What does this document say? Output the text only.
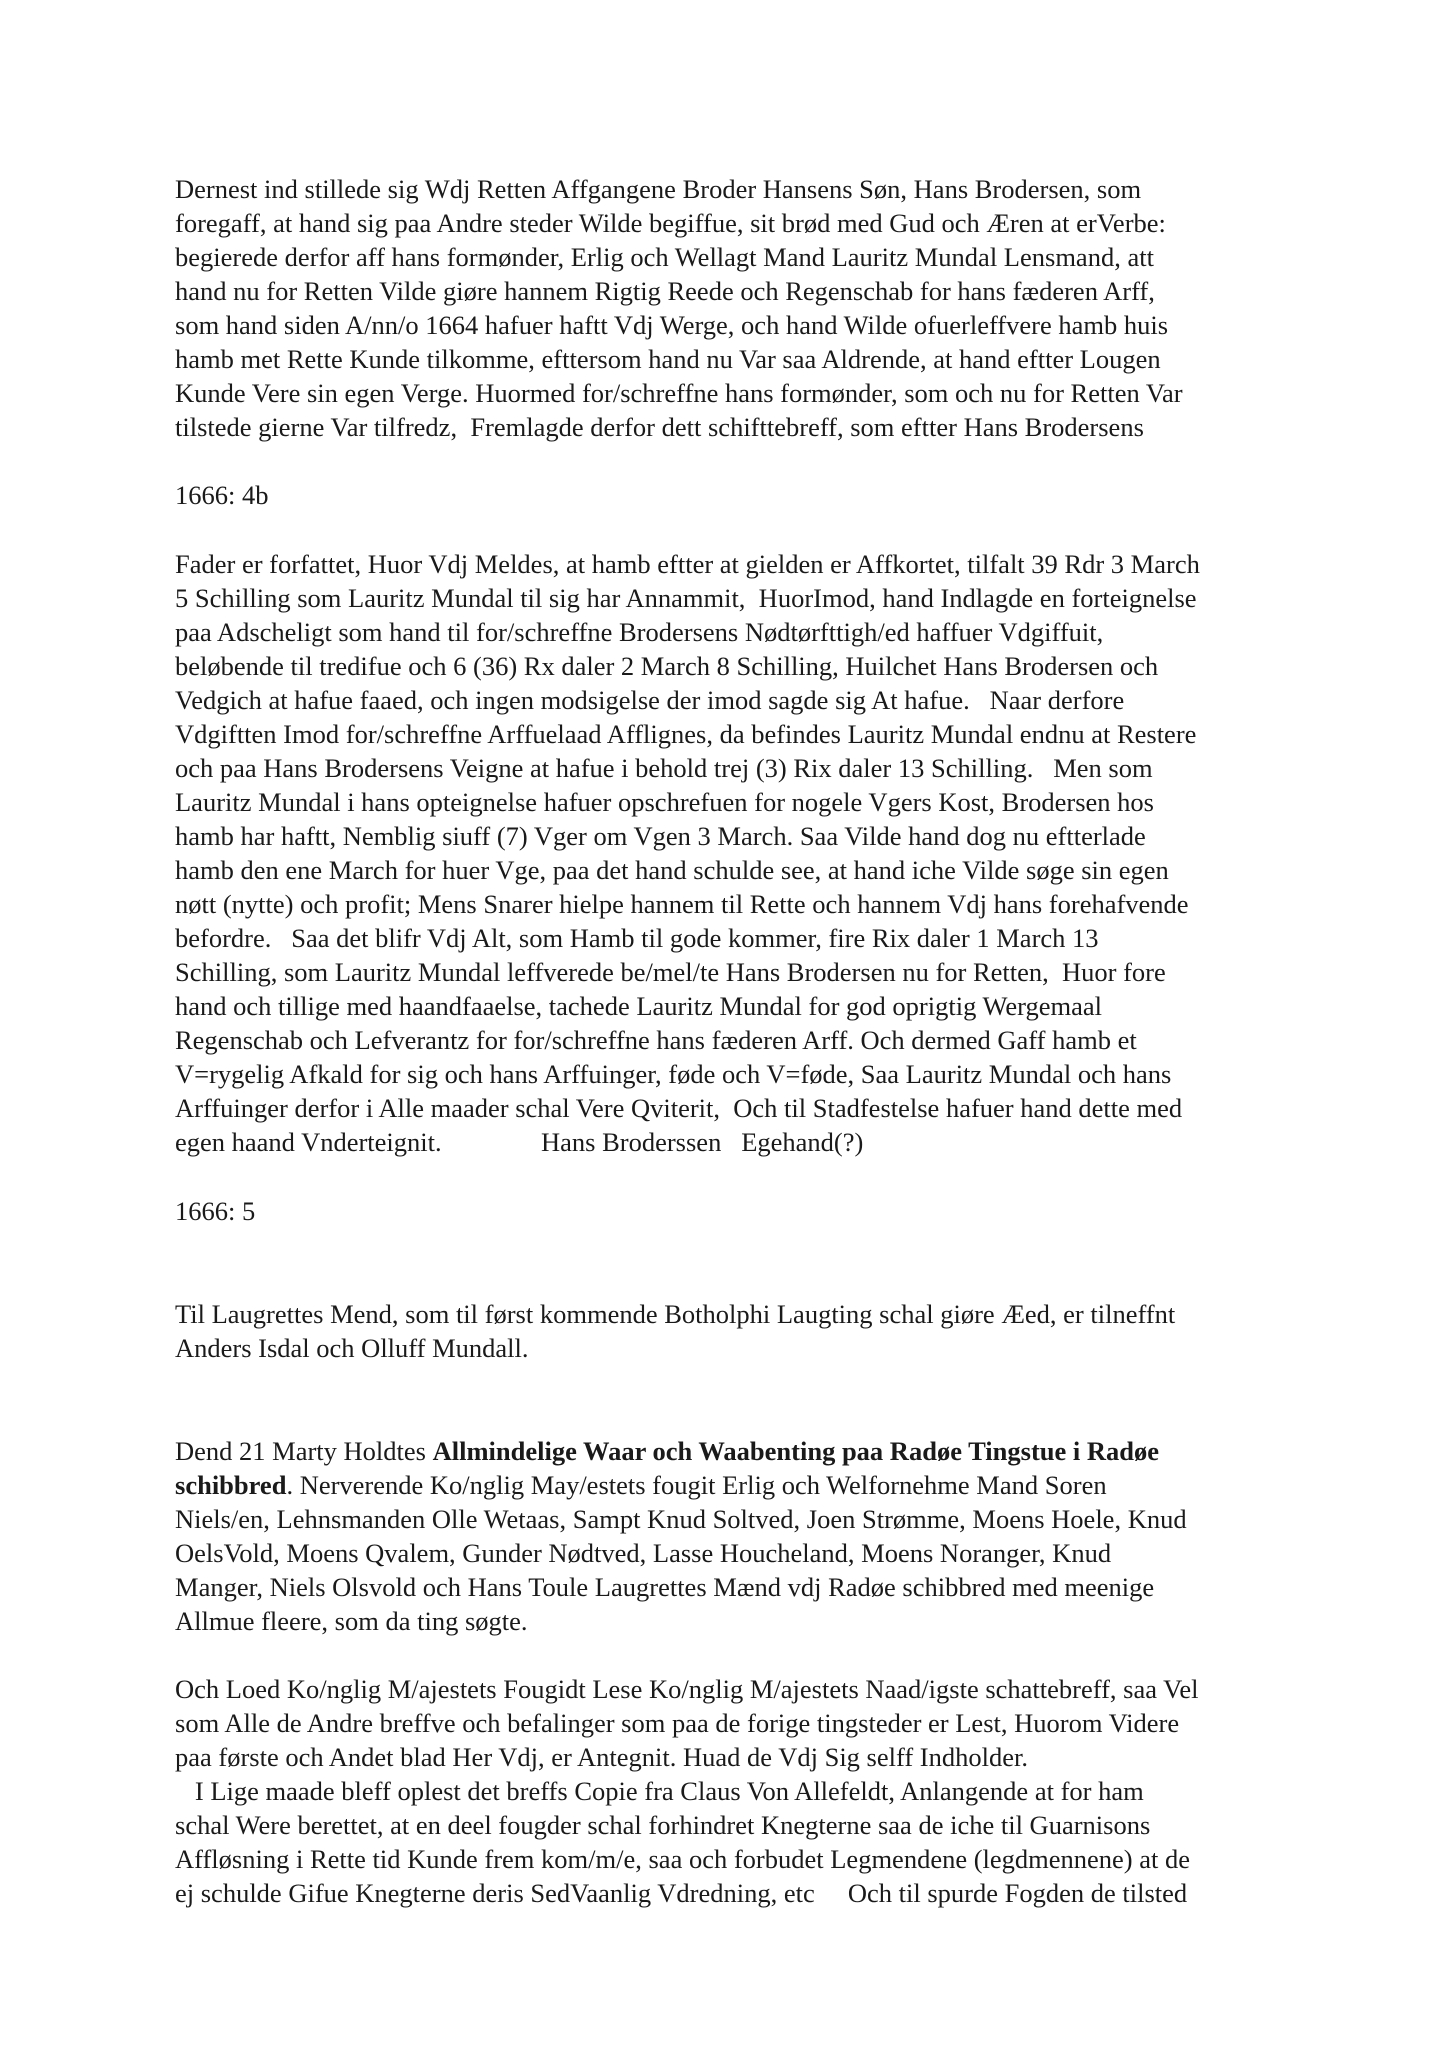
Dernest ind stillede sig Wdj Retten Affgangene Broder Hansens Søn, Hans Brodersen, som

foregaff, at hand sig paa Andre steder Wilde begiffue, sit brød med Gud och Æren at erVerbe:

begierede derfor aff hans formønder, Erlig och Wellagt Mand Lauritz Mundal Lensmand, att

hand nu for Retten Vilde giøre hannem Rigtig Reede och Regenschab for hans fæderen Arff,

som hand siden A/nn/o 1664 hafuer haftt Vdj Werge, och hand Wilde ofuerleffvere hamb huis

hamb met Rette Kunde tilkomme, efttersom hand nu Var saa Aldrende, at hand eftter Lougen

Kunde Vere sin egen Verge. Huormed for/schreffne hans formønder, som och nu for Retten Var

tilstede gierne Var tilfredz,  Fremlagde derfor dett schifttebreff, som eftter Hans Brodersens

1666: 4b

Fader er forfattet, Huor Vdj Meldes, at hamb eftter at gielden er Affkortet, tilfalt 39 Rdr 3 March

5 Schilling som Lauritz Mundal til sig har Annammit,  HuorImod, hand Indlagde en forteignelse

paa Adscheligt som hand til for/schreffne Brodersens Nødtørfttigh/ed haffuer Vdgiffuit,

beløbende til tredifue och 6 (36) Rx daler 2 March 8 Schilling, Huilchet Hans Brodersen och

Vedgich at hafue faaed, och ingen modsigelse der imod sagde sig At hafue.   Naar derfore

Vdgiftten Imod for/schreffne Arffuelaad Afflignes, da befindes Lauritz Mundal endnu at Restere

och paa Hans Brodersens Veigne at hafue i behold trej (3) Rix daler 13 Schilling.   Men som

Lauritz Mundal i hans opteignelse hafuer opschrefuen for nogele Vgers Kost, Brodersen hos

hamb har haftt, Nemblig siuff (7) Vger om Vgen 3 March. Saa Vilde hand dog nu eftterlade

hamb den ene March for huer Vge, paa det hand schulde see, at hand iche Vilde søge sin egen

nøtt (nytte) och profit; Mens Snarer hielpe hannem til Rette och hannem Vdj hans forehafvende

befordre.   Saa det blifr Vdj Alt, som Hamb til gode kommer, fire Rix daler 1 March 13

Schilling, som Lauritz Mundal leffverede be/mel/te Hans Brodersen nu for Retten,  Huor fore

hand och tillige med haandfaaelse, tachede Lauritz Mundal for god oprigtig Wergemaal

Regenschab och Lefverantz for for/schreffne hans fæderen Arff. Och dermed Gaff hamb et

V=rygelig Afkald for sig och hans Arffuinger, føde och V=føde, Saa Lauritz Mundal och hans

Arffuinger derfor i Alle maader schal Vere Qviterit,  Och til Stadfestelse hafuer hand dette med

egen haand Vnderteignit.               Hans Broderssen   Egehand(?)

1666: 5

Til Laugrettes Mend, som til først kommende Botholphi Laugting schal giøre Æed, er tilneffnt

Anders Isdal och Olluff Mundall.

Dend 21 Marty Holdtes Allmindelige Waar och Waabenting paa Radøe Tingstue i Radøe

schibbred. Nerverende Ko/nglig May/estets fougit Erlig och Welfornehme Mand Soren

Niels/en, Lehnsmanden Olle Wetaas, Sampt Knud Soltved, Joen Strømme, Moens Hoele, Knud

OelsVold, Moens Qvalem, Gunder Nødtved, Lasse Houcheland, Moens Noranger, Knud

Manger, Niels Olsvold och Hans Toule Laugrettes Mænd vdj Radøe schibbred med meenige

Allmue fleere, som da ting søgte.

Och Loed Ko/nglig M/ajestets Fougidt Lese Ko/nglig M/ajestets Naad/igste schattebreff, saa Vel

som Alle de Andre breffve och befalinger som paa de forige tingsteder er Lest, Huorom Videre

paa første och Andet blad Her Vdj, er Antegnit. Huad de Vdj Sig selff Indholder.

I Lige maade bleff oplest det breffs Copie fra Claus Von Allefeldt, Anlangende at for ham

schal Were berettet, at en deel fougder schal forhindret Knegterne saa de iche til Guarnisons

Affløsning i Rette tid Kunde frem kom/m/e, saa och forbudet Legmendene (legdmennene) at de

ej schulde Gifue Knegterne deris SedVaanlig Vdredning, etc     Och til spurde Fogden de tilsted
